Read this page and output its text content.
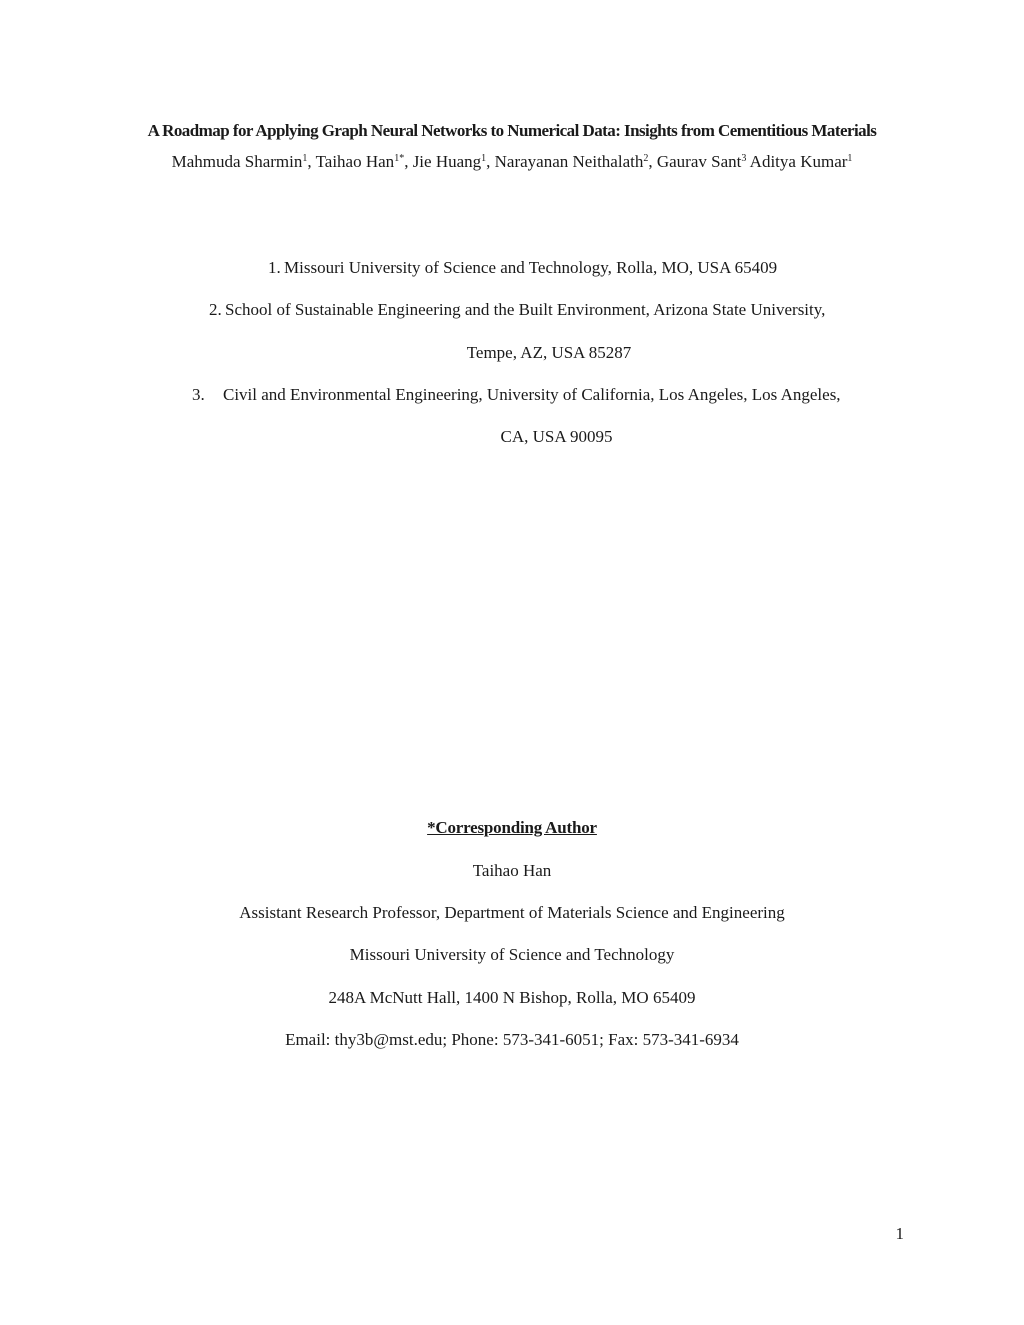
A Roadmap for Applying Graph Neural Networks to Numerical Data: Insights from Cementitious Materials
Mahmuda Sharmin$^1$, Taihao Han$^{1*}$, Jie Huang$^1$, Narayanan Neithalath$^2$, Gaurav Sant$^3$ Aditya Kumar$^1$
1. Missouri University of Science and Technology, Rolla, MO, USA 65409
2. School of Sustainable Engineering and the Built Environment, Arizona State University,
Tempe, AZ, USA 85287
3. Civil and Environmental Engineering, University of California, Los Angeles, Los Angeles,
CA, USA 90095
*Corresponding Author
Taihao Han
Assistant Research Professor, Department of Materials Science and Engineering
Missouri University of Science and Technology
248A McNutt Hall, 1400 N Bishop, Rolla, MO 65409
Email: thy3b@mst.edu; Phone: 573-341-6051; Fax: 573-341-6934
1
